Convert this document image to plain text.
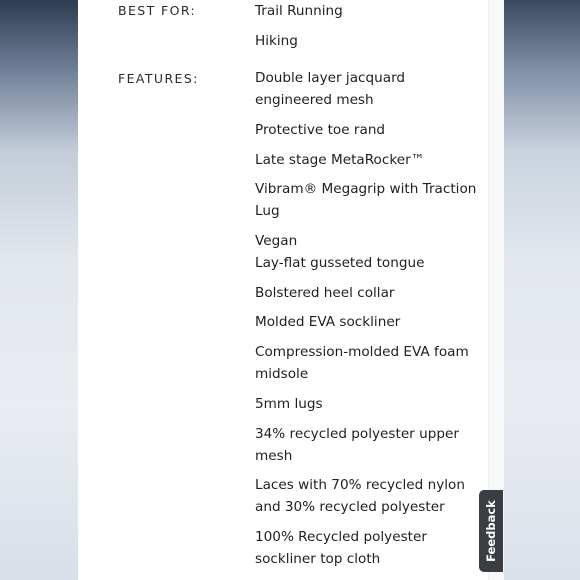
BEST FOR:	Trail Running
Hiking
FEATURES:	Double layer jacquard engineered mesh
Protective toe rand
Late stage MetaRocker™
Vibram® Megagrip with Traction Lug
Vegan
Lay-flat gusseted tongue
Bolstered heel collar
Molded EVA sockliner
Compression-molded EVA foam midsole
5mm lugs
34% recycled polyester upper mesh
Laces with 70% recycled nylon and 30% recycled polyester
100% Recycled polyester sockliner top cloth	Feedback
